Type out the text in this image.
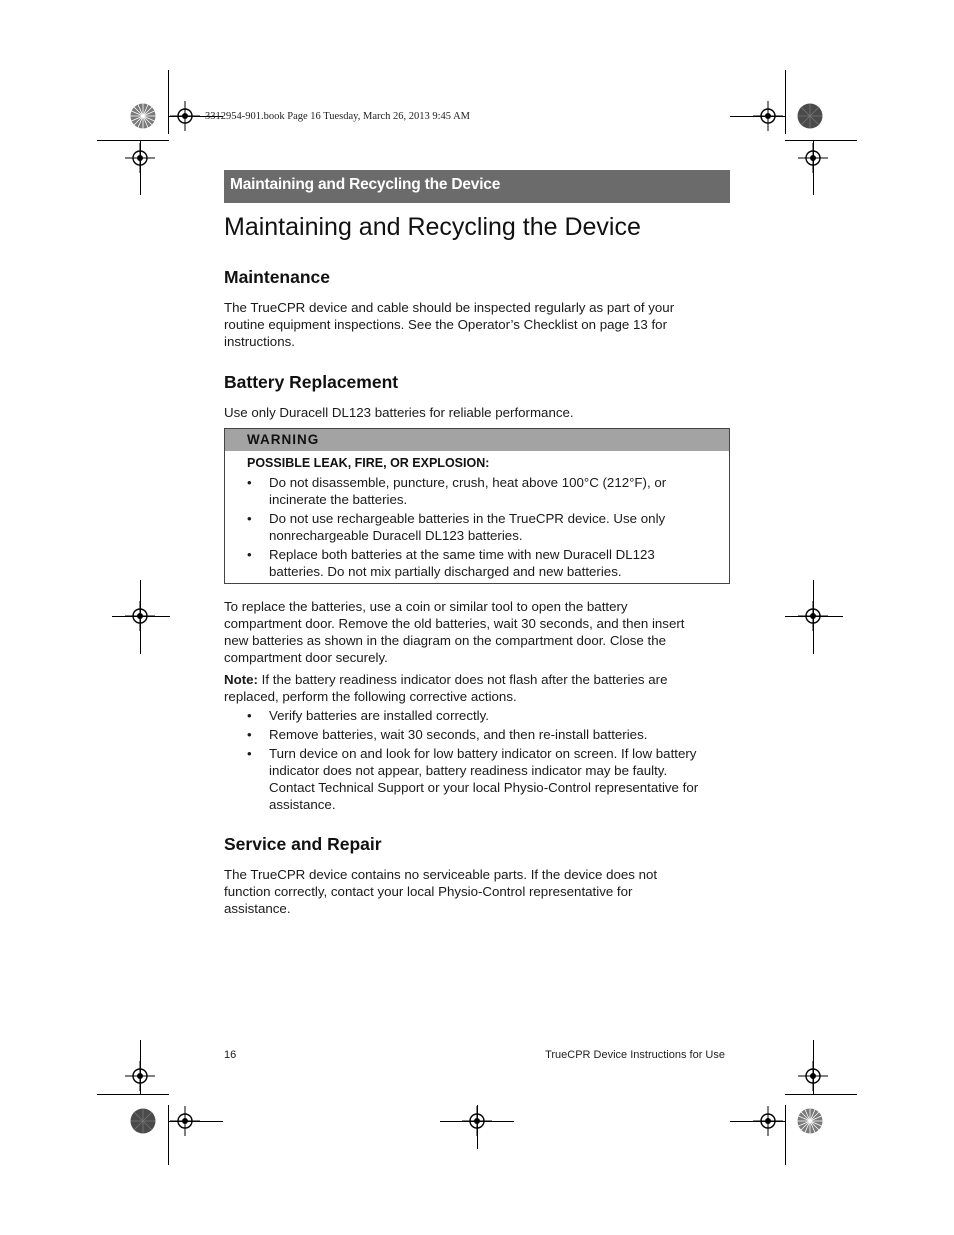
3312954-901.book Page 16 Tuesday, March 26, 2013 9:45 AM
Maintaining and Recycling the Device
Maintaining and Recycling the Device
Maintenance

The TrueCPR device and cable should be inspected regularly as part of your
routine equipment inspections. See the Operator’s Checklist on page 13 for
instructions.

Battery Replacement

Use only Duracell DL123 batteries for reliable performance.

WARNING
POSSIBLE LEAK, FIRE, OR EXPLOSION:
• Do not disassemble, puncture, crush, heat above 100°C (212°F), or
incinerate the batteries.
• Do not use rechargeable batteries in the TrueCPR device. Use only
nonrechargeable Duracell DL123 batteries.
• Replace both batteries at the same time with new Duracell DL123
batteries. Do not mix partially discharged and new batteries.

To replace the batteries, use a coin or similar tool to open the battery
compartment door. Remove the old batteries, wait 30 seconds, and then insert
new batteries as shown in the diagram on the compartment door. Close the
compartment door securely.

Note: If the battery readiness indicator does not flash after the batteries are
replaced, perform the following corrective actions.

• Verify batteries are installed correctly.
• Remove batteries, wait 30 seconds, and then re-install batteries.
• Turn device on and look for low battery indicator on screen. If low battery
indicator does not appear, battery readiness indicator may be faulty.
Contact Technical Support or your local Physio-Control representative for
assistance.
Service and Repair

The TrueCPR device contains no serviceable parts. If the device does not
function correctly, contact your local Physio-Control representative for
assistance.

16	TrueCPR Device Instructions for Use
